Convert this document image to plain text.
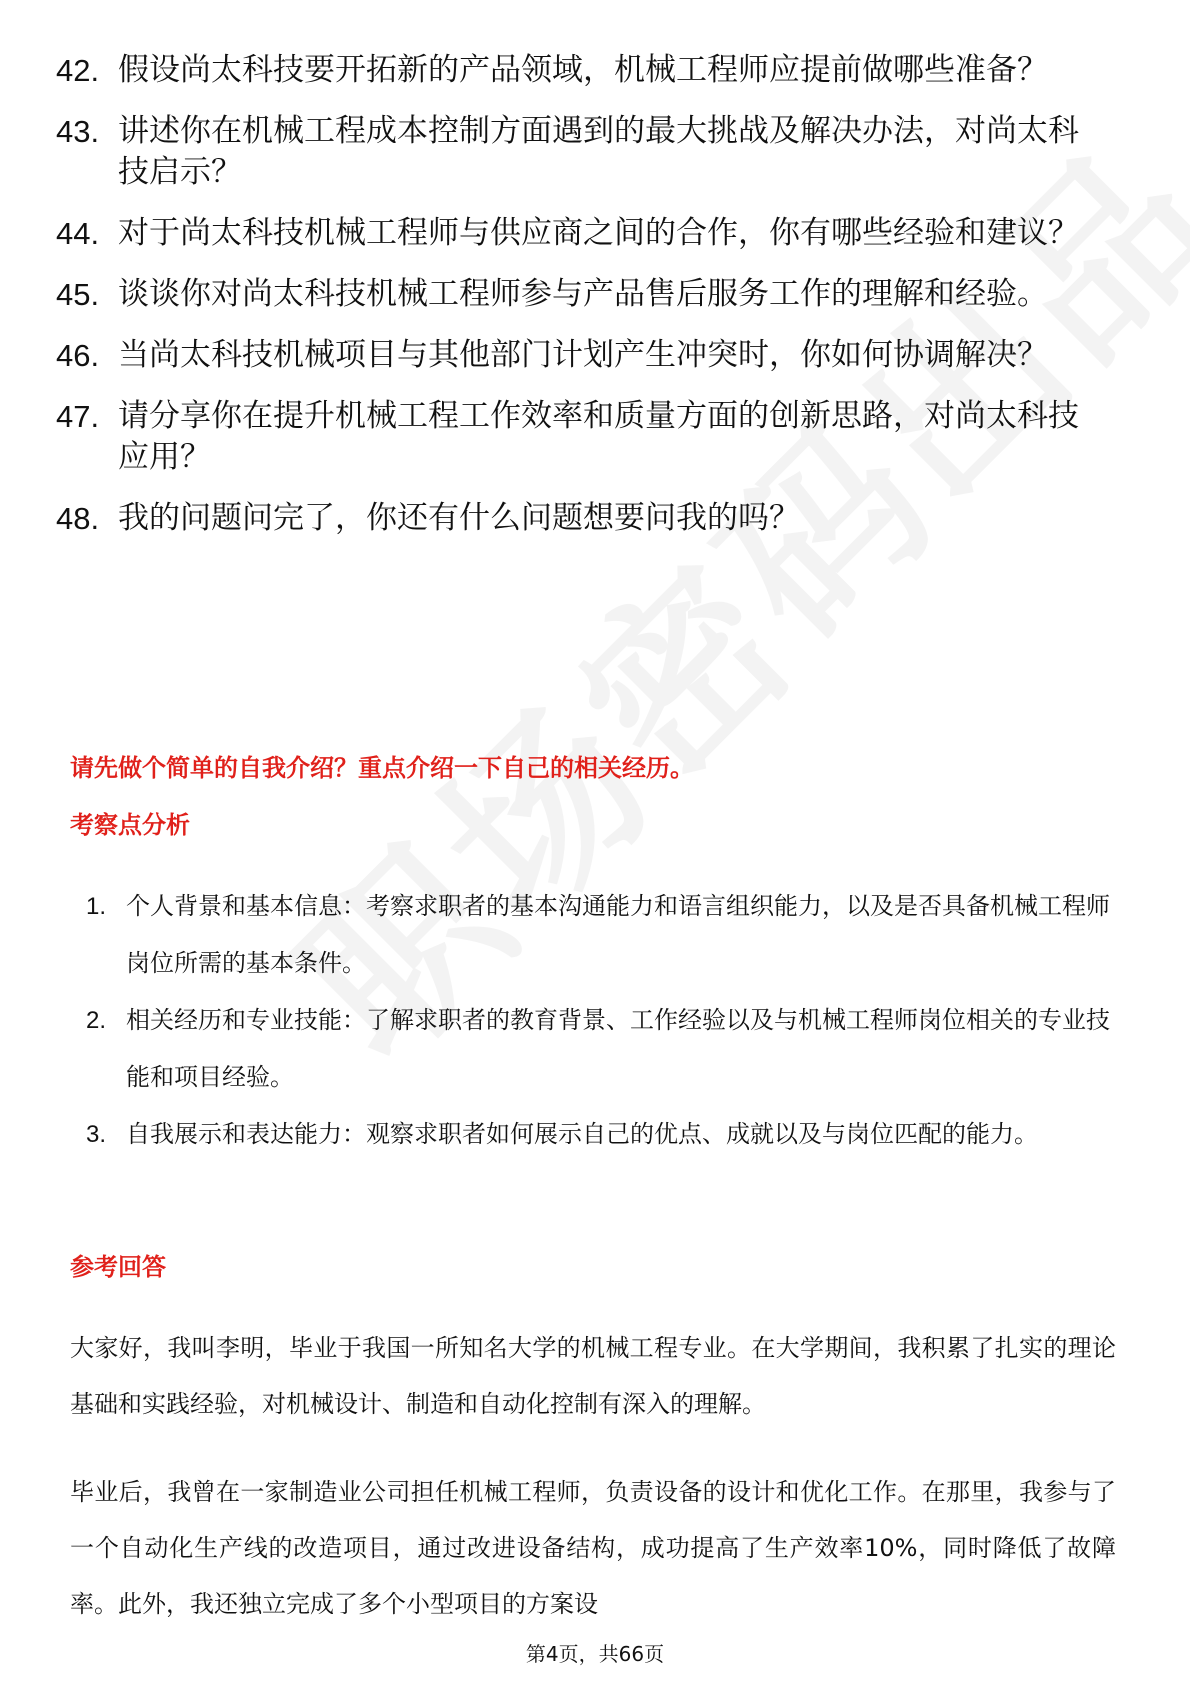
42. 假设尚太科技要开拓新的产品领域，机械工程师应提前做哪些准备？
43. 讲述你在机械工程成本控制方面遇到的最大挑战及解决办法，对尚太科技启示？
44. 对于尚太科技机械工程师与供应商之间的合作，你有哪些经验和建议？
45. 谈谈你对尚太科技机械工程师参与产品售后服务工作的理解和经验。
46. 当尚太科技机械项目与其他部门计划产生冲突时，你如何协调解决？
47. 请分享你在提升机械工程工作效率和质量方面的创新思路，对尚太科技应用？
48. 我的问题问完了，你还有什么问题想要问我的吗？

请先做个简单的自我介绍？重点介绍一下自己的相关经历。

考察点分析

1. 个人背景和基本信息：考察求职者的基本沟通能力和语言组织能力，以及是否具备机械工程师岗位所需的基本条件。
2. 相关经历和专业技能：了解求职者的教育背景、工作经验以及与机械工程师岗位相关的专业技能和项目经验。
3. 自我展示和表达能力：观察求职者如何展示自己的优点、成就以及与岗位匹配的能力。

参考回答

大家好，我叫李明，毕业于我国一所知名大学的机械工程专业。在大学期间，我积累了扎实的理论基础和实践经验，对机械设计、制造和自动化控制有深入的理解。

毕业后，我曾在一家制造业公司担任机械工程师，负责设备的设计和优化工作。在那里，我参与了一个自动化生产线的改造项目，通过改进设备结构，成功提高了生产效率10%，同时降低了故障率。此外，我还独立完成了多个小型项目的方案设

第4页，共66页
